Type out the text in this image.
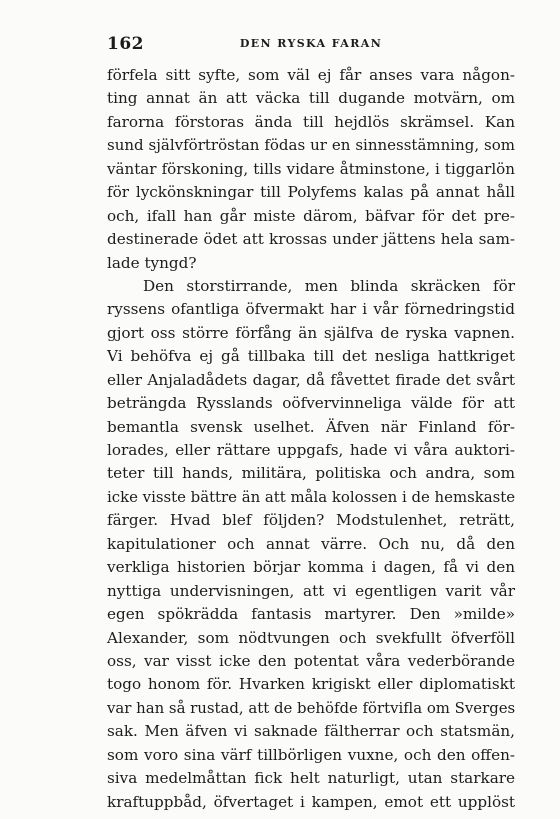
162	DEN RYSKA FARAN
förfela sitt syfte, som väl ej får anses vara någon-
ting annat än att väcka till dugande motvärn, om
farorna förstoras ända till hejdlös skrämsel. Kan
sund självförtröstan födas ur en sinnesstämning, som
väntar förskoning, tills vidare åtminstone, i tiggarlön
för lyckönskningar till Polyfems kalas på annat håll
och, ifall han går miste därom, bäfvar för det pre-
destinerade ödet att krossas under jättens hela sam-
lade tyngd?
Den storstirrande, men blinda skräcken för
ryssens ofantliga öfvermakt har i vår förnedringstid
gjort oss större förfång än själfva de ryska vapnen.
Vi behöfva ej gå tillbaka till det nesliga hattkriget
eller Anjaladådets dagar, då fåvettet firade det svårt
beträngda Rysslands oöfvervinneliga välde för att
bemantla svensk uselhet. Äfven när Finland för-
lorades, eller rättare uppgafs, hade vi våra auktori-
teter till hands, militära, politiska och andra, som
icke visste bättre än att måla kolossen i de hemskaste
färger. Hvad blef följden? Modstulenhet, reträtt,
kapitulationer och annat värre. Och nu, då den
verkliga historien börjar komma i dagen, få vi den
nyttiga undervisningen, att vi egentligen varit vår
egen spökrädda fantasis martyrer. Den »milde»
Alexander, som nödtvungen och svekfullt öfverföll
oss, var visst icke den potentat våra vederbörande
togo honom för. Hvarken krigiskt eller diplomatiskt
var han så rustad, att de behöfde förtvifla om Sverges
sak. Men äfven vi saknade fältherrar och statsmän,
som voro sina värf tillbörligen vuxne, och den offen-
siva medelmåttan fick helt naturligt, utan starkare
kraftuppbåd, öfvertaget i kampen, emot ett upplöst
